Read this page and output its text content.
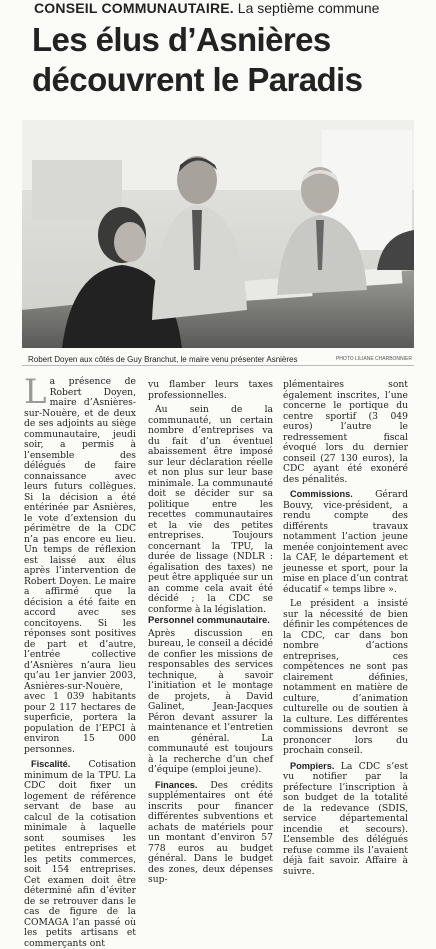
CONSEIL COMMUNAUTAIRE. La septième commune
Les élus d’Asnières
découvrent le Paradis
Robert Doyen aux côtés de Guy Branchut, le maire venu présenter Asnières	PHOTO LILIANE CHARBONNIER

La présence de Robert Doyen, maire d’Asnières-sur-Nouère, et de deux de ses adjoints au siège communautaire, jeudi soir, a permis à l’ensemble des délégués de faire connaissance avec leurs futurs collègues. Si la décision a été entérinée par Asnières, le vote d’extension du périmètre de la CDC n’a pas encore eu lieu. Un temps de réflexion est laissé aux élus après l’intervention de Robert Doyen. Le maire a affirmé que la décision a été faite en accord avec ses concitoyens. Si les réponses sont positives de part et d’autre, l’entrée collective d’Asnières n’aura lieu qu’au 1er janvier 2003, Asnières-sur-Nouère, avec 1 039 habitants pour 2 117 hectares de superficie, portera la population de l’EPCI à environ 15 000 personnes.

Fiscalité. Cotisation minimum de la TPU. La CDC doit fixer un logement de référence servant de base au calcul de la cotisation minimale à laquelle sont soumises les petites entreprises et les petits commerces, soit 154 entreprises. Cet examen doit être déterminé afin d’éviter de se retrouver dans le cas de figure de la COMAGA l’an passé où les petits artisans et commerçants ont

vu flamber leurs taxes professionnelles.

Au sein de la communauté, un certain nombre d’entreprises va du fait d’un éventuel abaissement être imposé sur leur déclaration réelle et non plus sur leur base minimale. La communauté doit se décider sur sa politique entre les recettes communautaires et la vie des petites entreprises. Toujours concernant la TPU, la durée de lissage (NDLR : égalisation des taxes) ne peut être appliquée sur un an comme cela avait été décidé ; la CDC se conforme à la législation.

Personnel communautaire.

Après discussion en bureau, le conseil a décidé de confier les missions de responsables des services technique, à savoir l’initiation et le montage de projets, à David Galinet, Jean-Jacques Péron devant assurer la maintenance et l’entretien en général. La communauté est toujours à la recherche d’un chef d’équipe (emploi jeune).

Finances. Des crédits supplémentaires ont été inscrits pour financer différentes subventions et achats de matériels pour un montant d’environ 57 778 euros au budget général. Dans le budget des zones, deux dépenses sup-

plémentaires sont également inscrites, l’une concerne le portique du centre sportif (3 049 euros) l’autre le redressement fiscal évoqué lors du dernier conseil (27 130 euros), la CDC ayant été exonéré des pénalités.

Commissions. Gérard Bouvy, vice-président, a rendu compte des différents travaux notamment l’action jeune menée conjointement avec la CAF, le département et jeunesse et sport, pour la mise en place d’un contrat éducatif « temps libre ».

Le président a insisté sur la nécessité de bien définir les compétences de la CDC, car dans bon nombre d’actions entreprises, ces compétences ne sont pas clairement définies, notamment en matière de culture, d’animation culturelle ou de soutien à la culture. Les différentes commissions devront se prononcer lors du prochain conseil.

Pompiers. La CDC s’est vu notifier par la préfecture l’inscription à son budget de la totalité de la redevance (SDIS, service départemental incendie et secours). L’ensemble des délégués refuse comme ils l’avaient déjà fait savoir. Affaire à suivre.
